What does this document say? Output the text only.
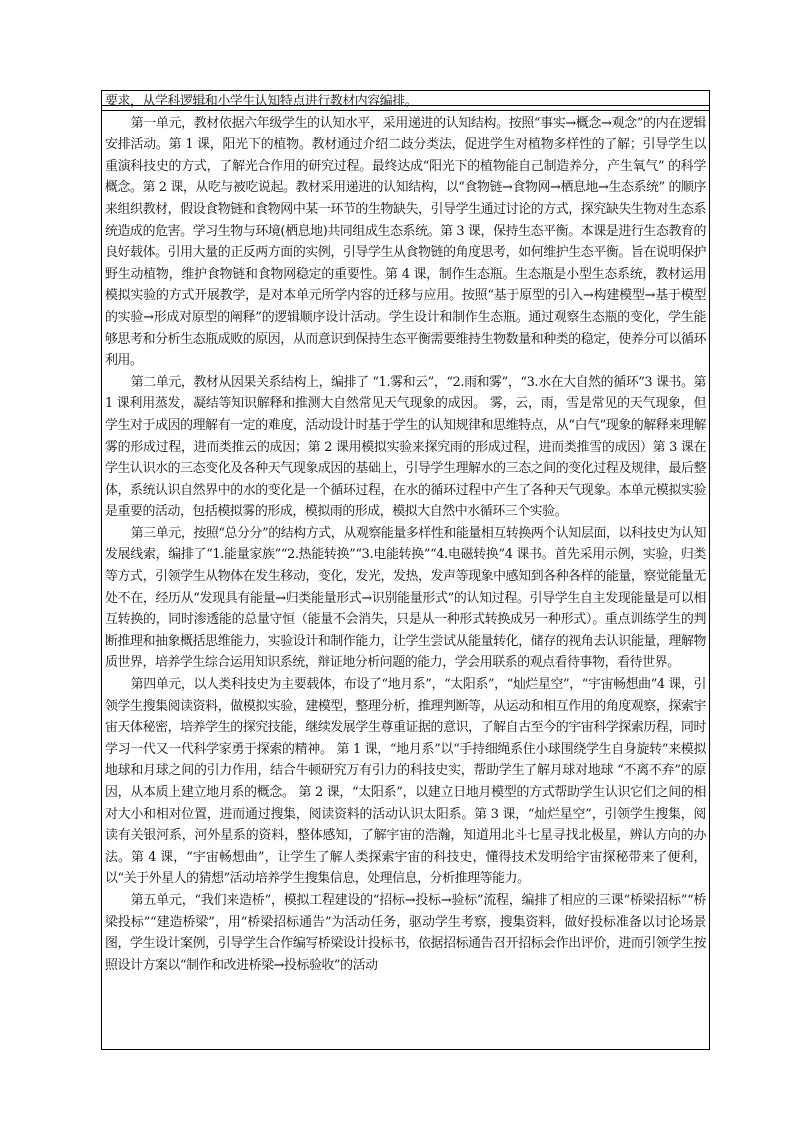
要求，从学科逻辑和小学生认知特点进行教材内容编排。

第一单元，教材依据六年级学生的认知水平，采用递进的认知结构。按照“事实→概念→观念”的内在逻辑安排活动。第 1 课，阳光下的植物。教材通过介绍二歧分类法，促进学生对植物多样性的了解；引导学生以重演科技史的方式，了解光合作用的研究过程。最终达成“阳光下的植物能自己制造养分，产生氧气” 的科学概念。第 2 课，从吃与被吃说起。教材采用递进的认知结构，以“食物链→食物网→栖息地→生态系统” 的顺序来组织教材，假设食物链和食物网中某一环节的生物缺失，引导学生通过讨论的方式，探究缺失生物对生态系统造成的危害。学习生物与环境(栖息地)共同组成生态系统。第 3 课，保持生态平衡。本课是进行生态教育的良好载体。引用大量的正反两方面的实例，引导学生从食物链的角度思考，如何维护生态平衡。旨在说明保护野生动植物，维护食物链和食物网稳定的重要性。第 4 课，制作生态瓶。生态瓶是小型生态系统，教材运用模拟实验的方式开展教学，是对本单元所学内容的迁移与应用。按照“基于原型的引入→构建模型→基于模型的实验→形成对原型的阐释”的逻辑顺序设计活动。学生设计和制作生态瓶。通过观察生态瓶的变化，学生能够思考和分析生态瓶成败的原因，从而意识到保持生态平衡需要维持生物数量和种类的稳定，使养分可以循环利用。

第二单元，教材从因果关系结构上，编排了 “1.雾和云”，“2.雨和雾”，“3.水在大自然的循环”3 课书。第 1 课利用蒸发，凝结等知识解释和推测大自然常见天气现象的成因。 雾，云，雨，雪是常见的天气现象，但学生对于成因的理解有一定的难度，活动设计时基于学生的认知规律和思维特点，从“白气”现象的解释来理解雾的形成过程，进而类推云的成因；第 2 课用模拟实验来探究雨的形成过程，进而类推雪的成因）第 3 课在学生认识水的三态变化及各种天气现象成因的基础上，引导学生理解水的三态之间的变化过程及规律，最后整体，系统认识自然界中的水的变化是一个循环过程，在水的循环过程中产生了各种天气现象。本单元模拟实验是重要的活动，包括模拟雾的形成，模拟雨的形成，模拟大自然中水循环三个实验。

第三单元，按照“总分分”的结构方式，从观察能量多样性和能量相互转换两个认知层面，以科技史为认知发展线索，编排了“1.能量家族”“2.热能转换”“3.电能转换”“4.电磁转换”4 课书。首先采用示例，实验，归类等方式，引领学生从物体在发生移动，变化，发光，发热，发声等现象中感知到各种各样的能量，察觉能量无处不在，经历从“发现具有能量→归类能量形式→识别能量形式”的认知过程。引导学生自主发现能量是可以相互转换的，同时渗透能的总量守恒（能量不会消失，只是从一种形式转换成另一种形式）。重点训练学生的判断推理和抽象概括思维能力，实验设计和制作能力，让学生尝试从能量转化，储存的视角去认识能量，理解物质世界，培养学生综合运用知识系统，辩证地分析问题的能力，学会用联系的观点看待事物，看待世界。

第四单元，以人类科技史为主要载体，布设了“地月系”，“太阳系”，“灿烂星空”，“宇宙畅想曲”4 课，引领学生搜集阅读资料，做模拟实验，建模型，整理分析，推理判断等，从运动和相互作用的角度观察，探索宇宙天体秘密，培养学生的探究技能，继续发展学生尊重证据的意识，了解自古至今的宇宙科学探索历程，同时学习一代又一代科学家勇于探索的精神。 第 1 课，“地月系”以“手持细绳系住小球围绕学生自身旋转”来模拟地球和月球之间的引力作用，结合牛顿研究万有引力的科技史实，帮助学生了解月球对地球 “不离不弃”的原因，从本质上建立地月系的概念。 第 2 课，“太阳系”，以建立日地月模型的方式帮助学生认识它们之间的相对大小和相对位置，进而通过搜集，阅读资料的活动认识太阳系。第 3 课，“灿烂星空”，引领学生搜集，阅读有关银河系，河外星系的资料，整体感知，了解宇宙的浩瀚，知道用北斗七星寻找北极星，辨认方向的办法。第 4 课，“宇宙畅想曲”，让学生了解人类探索宇宙的科技史，懂得技术发明给宇宙探秘带来了便利，以“关于外星人的猜想”活动培养学生搜集信息，处理信息，分析推理等能力。

第五单元，“我们来造桥”，模拟工程建设的“招标→投标→验标”流程，编排了相应的三课“桥梁招标”“桥梁投标”“建造桥梁”，用“桥梁招标通告”为活动任务，驱动学生考察，搜集资料，做好投标准备以讨论场景图，学生设计案例，引导学生合作编写桥梁设计投标书，依据招标通告召开招标会作出评价，进而引领学生按照设计方案以“制作和改进桥梁→投标验收”的活动
